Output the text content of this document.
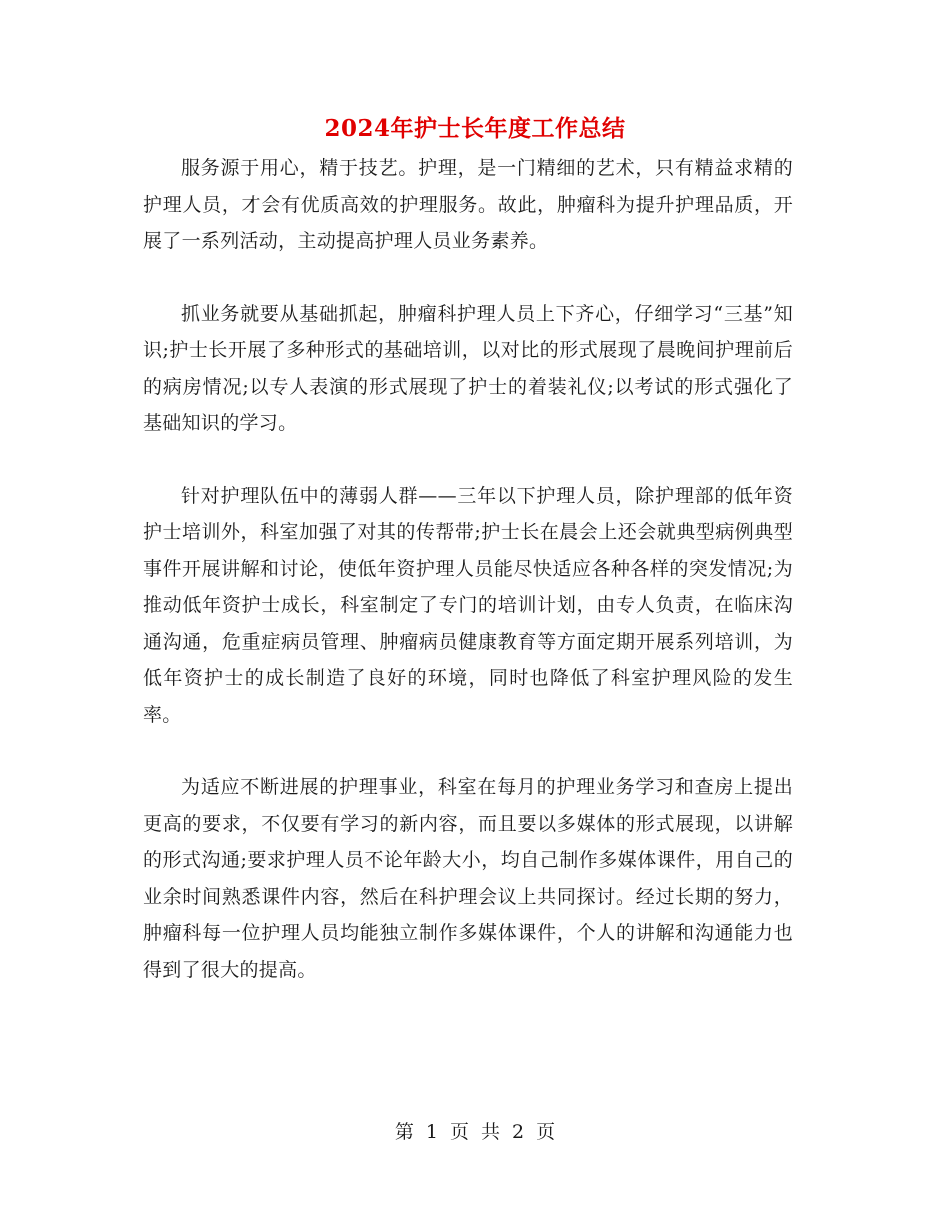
2024年护士长年度工作总结

服务源于用心，精于技艺。护理，是一门精细的艺术，只有精益求精的护理人员，才会有优质高效的护理服务。故此，肿瘤科为提升护理品质，开展了一系列活动，主动提高护理人员业务素养。

抓业务就要从基础抓起，肿瘤科护理人员上下齐心，仔细学习“三基”知识;护士长开展了多种形式的基础培训，以对比的形式展现了晨晚间护理前后的病房情况;以专人表演的形式展现了护士的着装礼仪;以考试的形式强化了基础知识的学习。

针对护理队伍中的薄弱人群——三年以下护理人员，除护理部的低年资护士培训外，科室加强了对其的传帮带;护士长在晨会上还会就典型病例典型事件开展讲解和讨论，使低年资护理人员能尽快适应各种各样的突发情况;为推动低年资护士成长，科室制定了专门的培训计划，由专人负责，在临床沟通沟通，危重症病员管理、肿瘤病员健康教育等方面定期开展系列培训，为低年资护士的成长制造了良好的环境，同时也降低了科室护理风险的发生率。

为适应不断进展的护理事业，科室在每月的护理业务学习和查房上提出更高的要求，不仅要有学习的新内容，而且要以多媒体的形式展现，以讲解的形式沟通;要求护理人员不论年龄大小，均自己制作多媒体课件，用自己的业余时间熟悉课件内容，然后在科护理会议上共同探讨。经过长期的努力，肿瘤科每一位护理人员均能独立制作多媒体课件，个人的讲解和沟通能力也得到了很大的提高。

第 1 页 共 2 页
